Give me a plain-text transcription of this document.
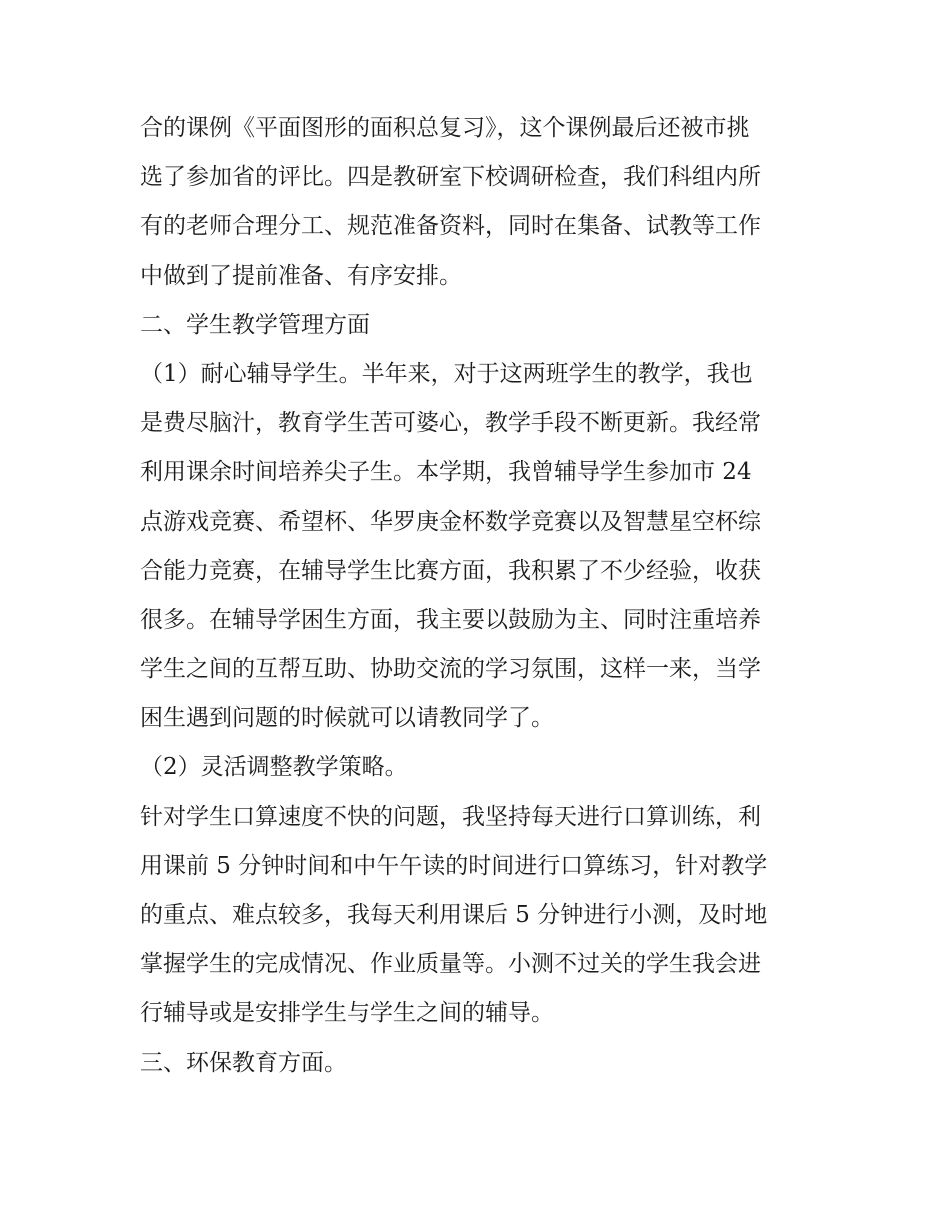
合的课例《平面图形的面积总复习》，这个课例最后还被市挑
选了参加省的评比。四是教研室下校调研检查，我们科组内所
有的老师合理分工、规范准备资料，同时在集备、试教等工作
中做到了提前准备、有序安排。
二、学生教学管理方面
（1）耐心辅导学生。半年来，对于这两班学生的教学，我也
是费尽脑汁，教育学生苦可婆心，教学手段不断更新。我经常
利用课余时间培养尖子生。本学期，我曾辅导学生参加市 24
点游戏竞赛、希望杯、华罗庚金杯数学竞赛以及智慧星空杯综
合能力竞赛，在辅导学生比赛方面，我积累了不少经验，收获
很多。在辅导学困生方面，我主要以鼓励为主、同时注重培养
学生之间的互帮互助、协助交流的学习氛围，这样一来，当学
困生遇到问题的时候就可以请教同学了。
（2）灵活调整教学策略。
针对学生口算速度不快的问题，我坚持每天进行口算训练，利
用课前 5 分钟时间和中午午读的时间进行口算练习，针对教学
的重点、难点较多，我每天利用课后 5 分钟进行小测，及时地
掌握学生的完成情况、作业质量等。小测不过关的学生我会进
行辅导或是安排学生与学生之间的辅导。
三、环保教育方面。
